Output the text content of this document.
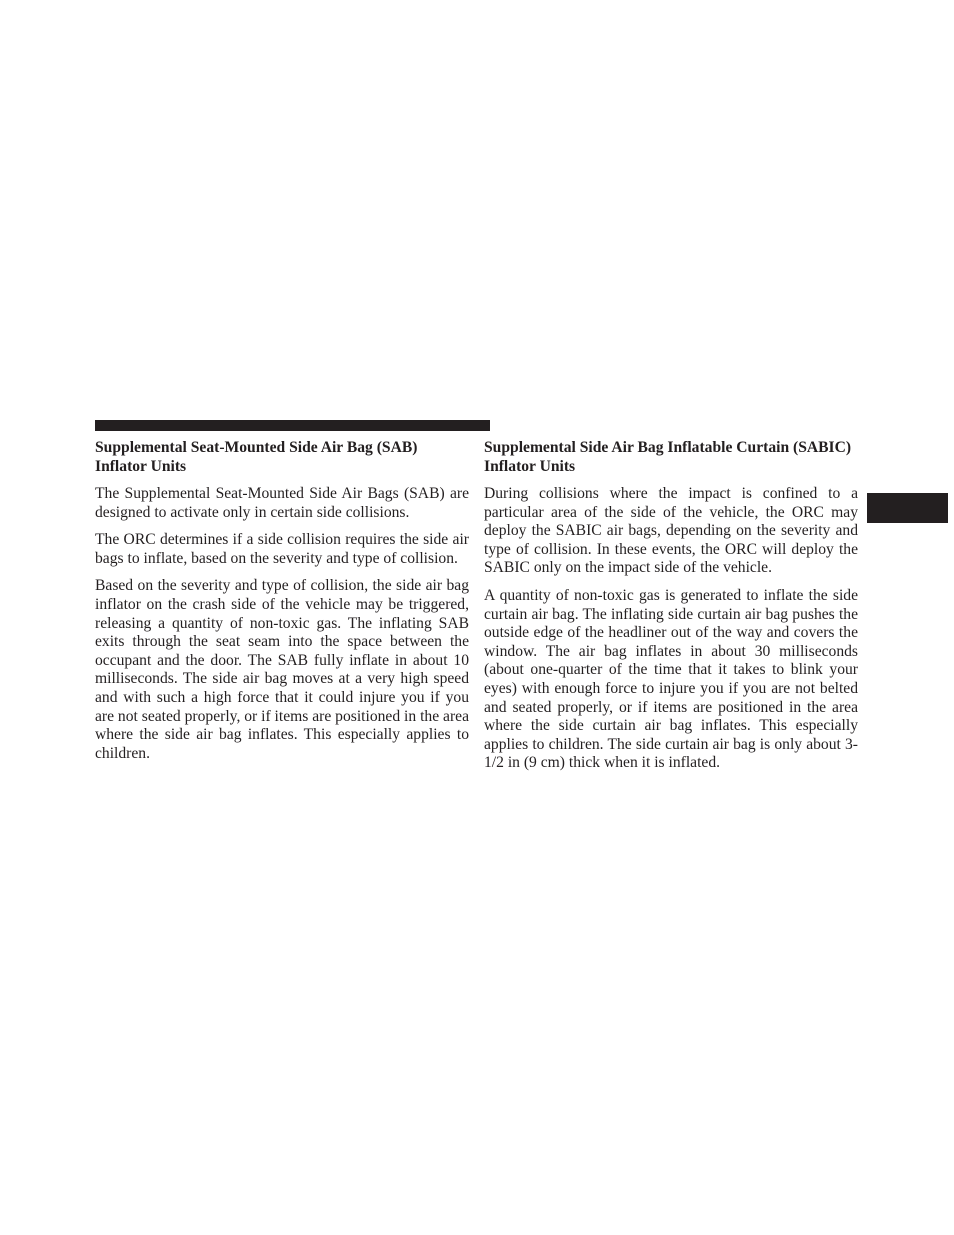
Supplemental Seat-Mounted Side Air Bag (SAB) Inflator Units

The Supplemental Seat-Mounted Side Air Bags (SAB) are designed to activate only in certain side collisions.

The ORC determines if a side collision requires the side air bags to inflate, based on the severity and type of collision.

Based on the severity and type of collision, the side air bag inflator on the crash side of the vehicle may be triggered, releasing a quantity of non-toxic gas. The inflating SAB exits through the seat seam into the space between the occupant and the door. The SAB fully inflate in about 10 milliseconds. The side air bag moves at a very high speed and with such a high force that it could injure you if you are not seated properly, or if items are positioned in the area where the side air bag inflates. This especially applies to children.

Supplemental Side Air Bag Inflatable Curtain (SABIC) Inflator Units

During collisions where the impact is confined to a particular area of the side of the vehicle, the ORC may deploy the SABIC air bags, depending on the severity and type of collision. In these events, the ORC will deploy the SABIC only on the impact side of the vehicle.

A quantity of non-toxic gas is generated to inflate the side curtain air bag. The inflating side curtain air bag pushes the outside edge of the headliner out of the way and covers the window. The air bag inflates in about 30 milliseconds (about one-quarter of the time that it takes to blink your eyes) with enough force to injure you if you are not belted and seated properly, or if items are positioned in the area where the side curtain air bag inflates. This especially applies to children. The side curtain air bag is only about 3-1/2 in (9 cm) thick when it is inflated.
